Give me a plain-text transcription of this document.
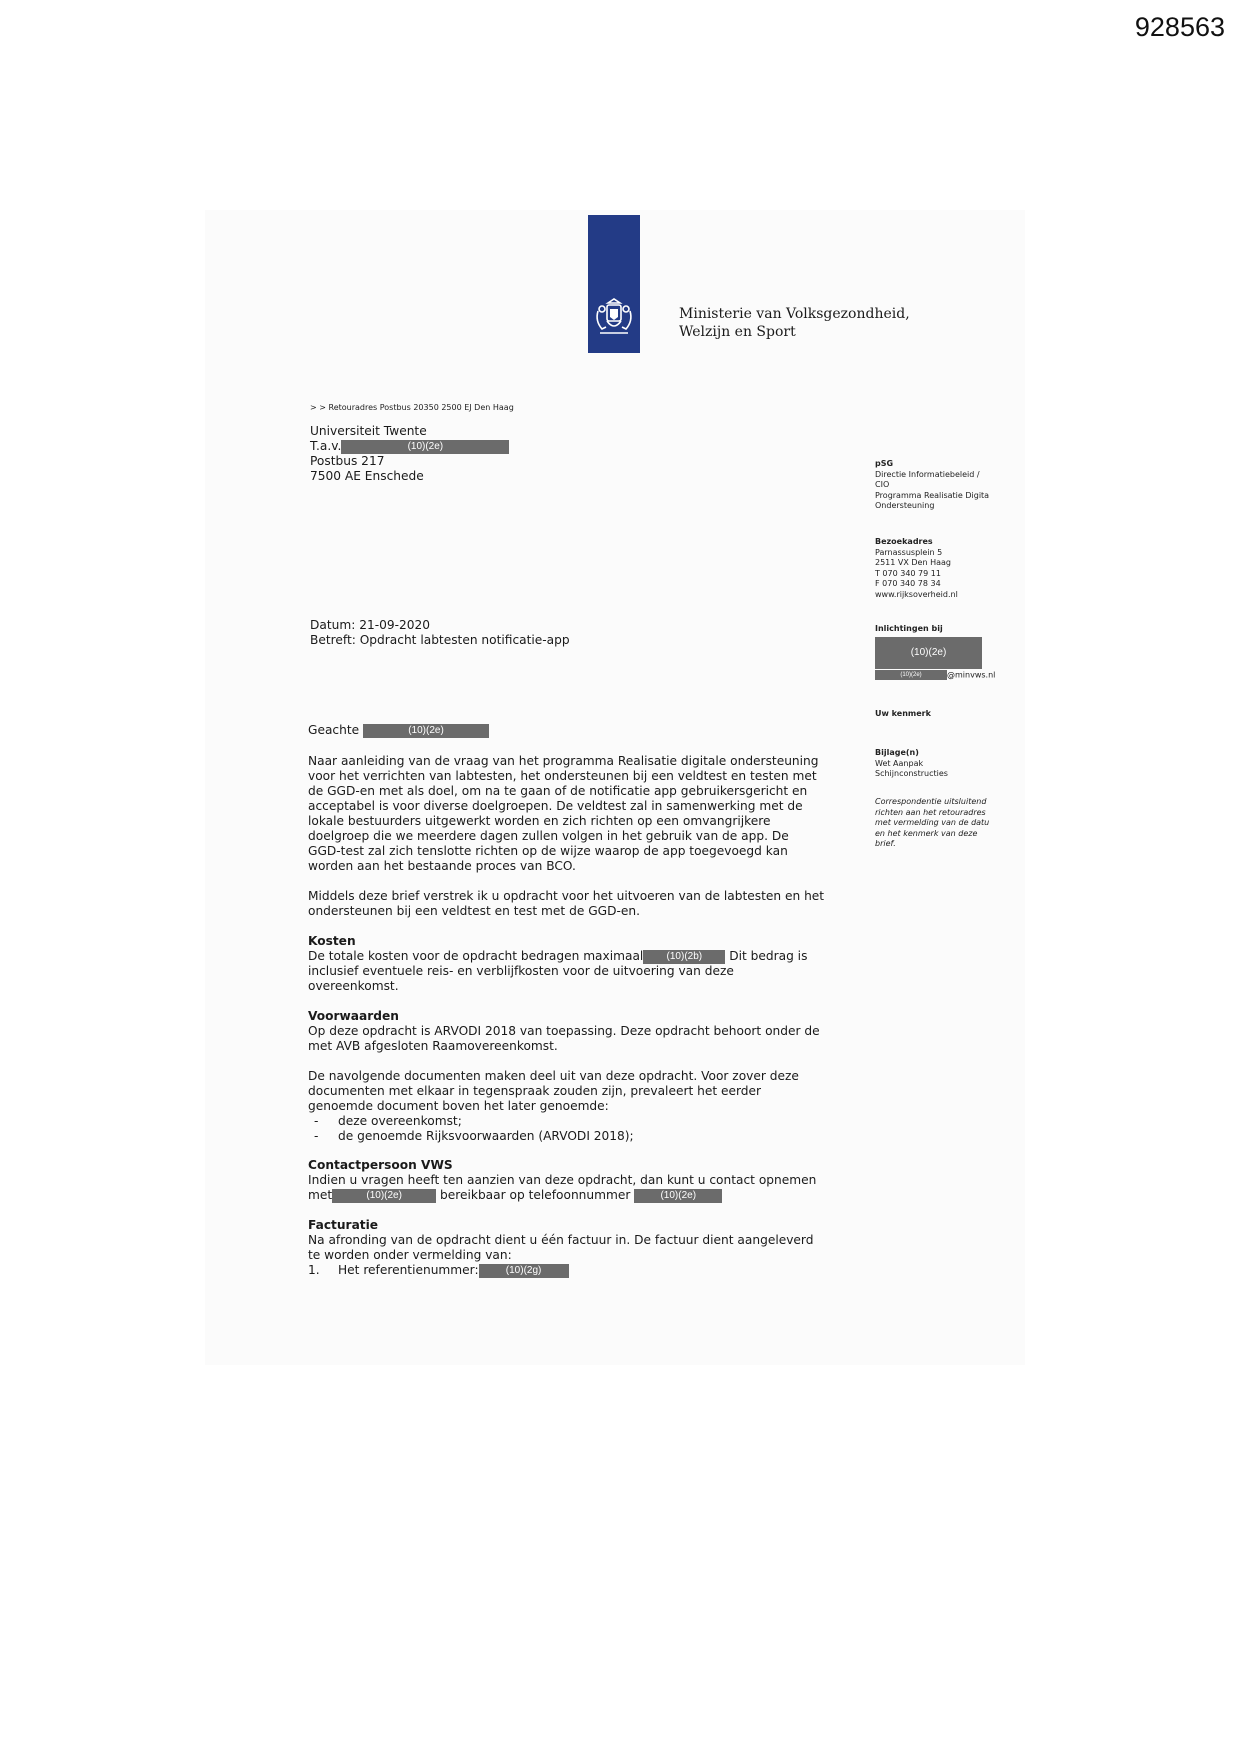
928563
Ministerie van Volksgezondheid,
Welzijn en Sport
> > Retouradres Postbus 20350 2500 EJ Den Haag
Universiteit Twente
T.a.v.	(10)(2e)
Postbus 217
7500 AE Enschede
pSG
Directie Informatiebeleid /
CIO
Programma Realisatie Digita
Ondersteuning
Bezoekadres
Parnassusplein 5
2511 VX Den Haag
T 070 340 79 11
F 070 340 78 34
www.rijksoverheid.nl
Inlichtingen bij
(10)(2e)
(10)(2e)	@minvws.nl
Uw kenmerk
Bijlage(n)
Wet Aanpak
Schijnconstructies
Correspondentie uitsluitend
richten aan het retouradres
met vermelding van de datu
en het kenmerk van deze
brief.
Datum: 21-09-2020
Betreft: Opdracht labtesten notificatie-app
Geachte	(10)(2e)

Naar aanleiding van de vraag van het programma Realisatie digitale ondersteuning
voor het verrichten van labtesten, het ondersteunen bij een veldtest en testen met
de GGD-en met als doel, om na te gaan of de notificatie app gebruikersgericht en
acceptabel is voor diverse doelgroepen. De veldtest zal in samenwerking met de
lokale bestuurders uitgewerkt worden en zich richten op een omvangrijkere
doelgroep die we meerdere dagen zullen volgen in het gebruik van de app. De
GGD-test zal zich tenslotte richten op de wijze waarop de app toegevoegd kan
worden aan het bestaande proces van BCO.

Middels deze brief verstrek ik u opdracht voor het uitvoeren van de labtesten en het
ondersteunen bij een veldtest en test met de GGD-en.

Kosten
De totale kosten voor de opdracht bedragen maximaal (10)(2b) Dit bedrag is
inclusief eventuele reis- en verblijfkosten voor de uitvoering van deze
overeenkomst.
Voorwaarden
Op deze opdracht is ARVODI 2018 van toepassing. Deze opdracht behoort onder de
met AVB afgesloten Raamovereenkomst.
De navolgende documenten maken deel uit van deze opdracht. Voor zover deze
documenten met elkaar in tegenspraak zouden zijn, prevaleert het eerder
genoemde document boven het later genoemde:
- deze overeenkomst;
- de genoemde Rijksvoorwaarden (ARVODI 2018);
Contactpersoon VWS
Indien u vragen heeft ten aanzien van deze opdracht, dan kunt u contact opnemen
met	(10)(2e)	bereikbaar op telefoonnummer	(10)(2e)
Facturatie
Na afronding van de opdracht dient u één factuur in. De factuur dient aangeleverd
te worden onder vermelding van:
1. Het referentienummer:	(10)(2g)
